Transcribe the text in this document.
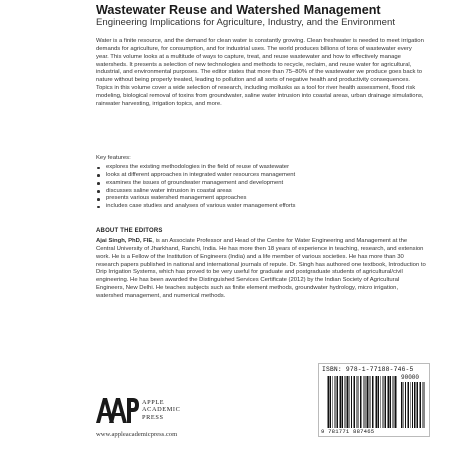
Wastewater Reuse and Watershed Management
Engineering Implications for Agriculture, Industry, and the Environment
Water is a finite resource, and the demand for clean water is constantly growing. Clean freshwater is needed to meet irrigation demands for agriculture, for consumption, and for industrial uses. The world produces billions of tons of wastewater every year. This volume looks at a multitude of ways to capture, treat, and reuse wastewater and how to effectively manage watersheds. It presents a selection of new technologies and methods to recycle, reclaim, and reuse water for agricultural, industrial, and environmental purposes. The editor states that more than 75–80% of the wastewater we produce goes back to nature without being properly treated, leading to pollution and all sorts of negative health and productivity consequences. Topics in this volume cover a wide selection of research, including mollusks as a tool for river health assessment, flood risk modeling, biological removal of toxins from groundwater, saline water intrusion into coastal areas, urban drainage simulations, rainwater harvesting, irrigation topics, and more.
Key features:
explores the existing methodologies in the field of reuse of wastewater
looks at different approaches in integrated water resources management
examines the issues of groundwater management and development
discusses saline water intrusion in coastal areas
presents various watershed management approaches
includes case studies and analyses of various water management efforts
ABOUT THE EDITORS
Ajai Singh, PhD, FIE, is an Associate Professor and Head of the Centre for Water Engineering and Management at the Central University of Jharkhand, Ranchi, India. He has more then 18 years of experience in teaching, research, and extension work. He is a Fellow of the Institution of Engineers (India) and a life member of various societies. He has more than 30 research papers published in national and international journals of repute. Dr. Singh has authored one textbook, Introduction to Drip Irrigation Systems, which has proved to be very useful for graduate and postgraduate students of agricultural/civil engineering. He has been awarded the Distinguished Services Certificate (2012) by the Indian Society of Agricultural Engineers, New Delhi. He teaches subjects such as finite element methods, groundwater hydrology, micro irrigation, watershed management, and numerical methods.
APPLE
ACADEMIC
PRESS
www.appleacademicpress.com
ISBN: 978-1-77188-746-5
90000
9 781771 887465
